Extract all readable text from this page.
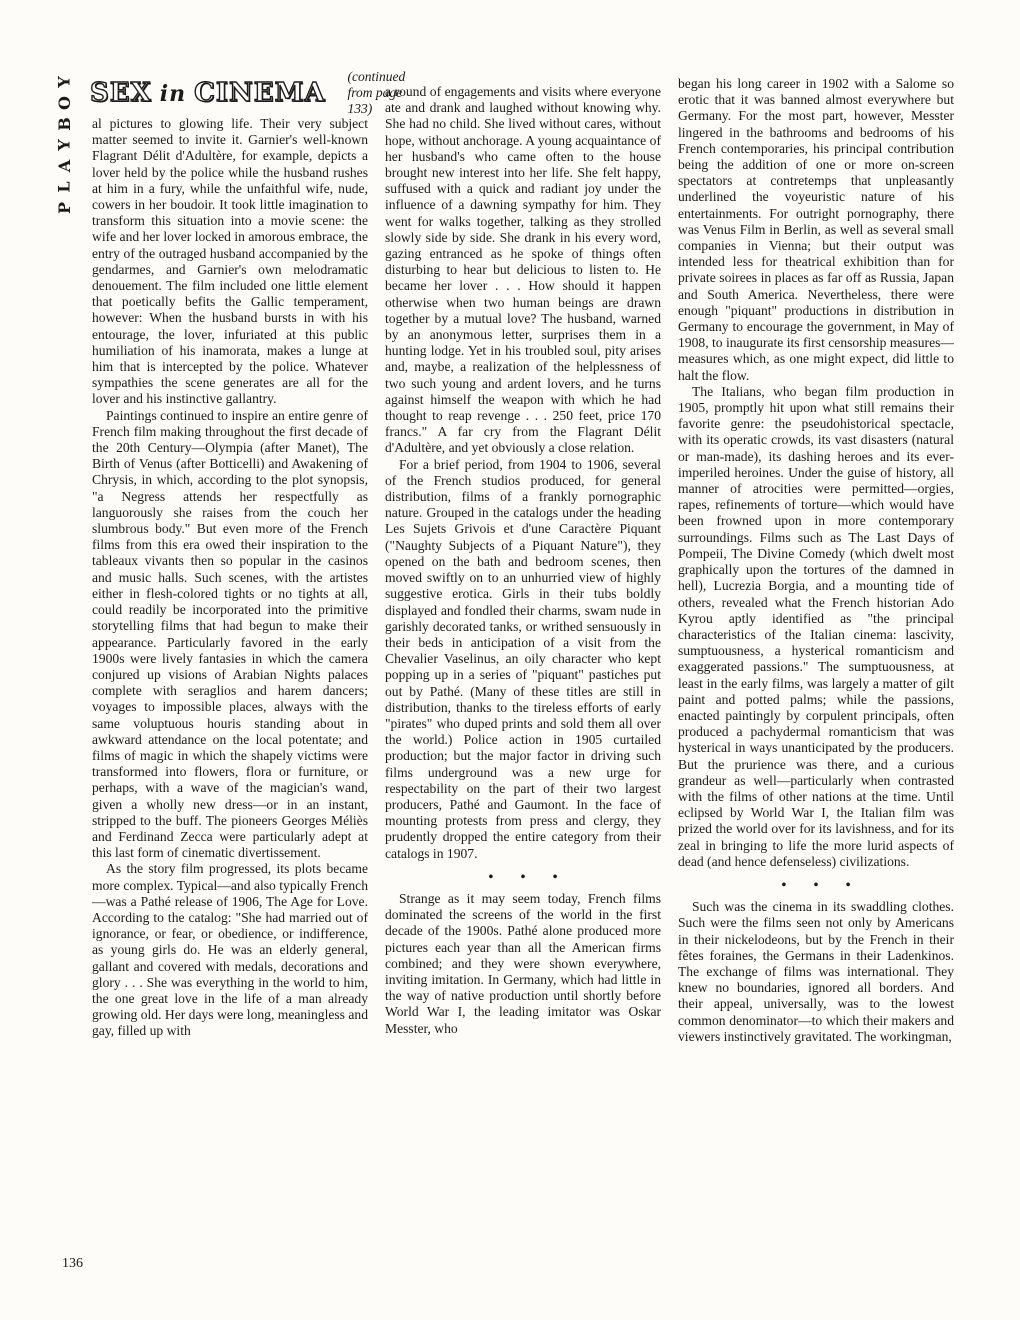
P
L
A
Y
B
O
Y SEX in CINEMA
(continued from page 133)

al pictures to glowing life. Their very subject matter seemed to invite it. Garnier's well-known Flagrant Délit d'Adultère, for example, depicts a lover held by the police while the husband rushes at him in a fury, while the unfaithful wife, nude, cowers in her boudoir. It took little imagination to transform this situation into a movie scene: the wife and her lover locked in amorous embrace, the entry of the outraged husband accompanied by the gendarmes, and Garnier's own melodramatic denouement. The film included one little element that poetically befits the Gallic temperament, however: When the husband bursts in with his entourage, the lover, infuriated at this public humiliation of his inamorata, makes a lunge at him that is intercepted by the police. Whatever sympathies the scene generates are all for the lover and his instinctive gallantry.

Paintings continued to inspire an entire genre of French film making throughout the first decade of the 20th Century—Olympia (after Manet), The Birth of Venus (after Botticelli) and Awakening of Chrysis, in which, according to the plot synopsis, "a Negress attends her respectfully as languorously she raises from the couch her slumbrous body." But even more of the French films from this era owed their inspiration to the tableaux vivants then so popular in the casinos and music halls. Such scenes, with the artistes either in flesh-colored tights or no tights at all, could readily be incorporated into the primitive storytelling films that had begun to make their appearance. Particularly favored in the early 1900s were lively fantasies in which the camera conjured up visions of Arabian Nights palaces complete with seraglios and harem dancers; voyages to impossible places, always with the same voluptuous houris standing about in awkward attendance on the local potentate; and films of magic in which the shapely victims were transformed into flowers, flora or furniture, or perhaps, with a wave of the magician's wand, given a wholly new dress—or in an instant, stripped to the buff. The pioneers Georges Méliès and Ferdinand Zecca were particularly adept at this last form of cinematic divertissement.

As the story film progressed, its plots became more complex. Typical—and also typically French—was a Pathé release of 1906, The Age for Love. According to the catalog: "She had married out of ignorance, or fear, or obedience, or indifference, as young girls do. He was an elderly general, gallant and covered with medals, decorations and glory . . . She was everything in the world to him, the one great love in the life of a man already growing old. Her days were long, meaningless and gay, filled up with

a round of engagements and visits where everyone ate and drank and laughed without knowing why. She had no child. She lived without cares, without hope, without anchorage. A young acquaintance of her husband's who came often to the house brought new interest into her life. She felt happy, suffused with a quick and radiant joy under the influence of a dawning sympathy for him. They went for walks together, talking as they strolled slowly side by side. She drank in his every word, gazing entranced as he spoke of things often disturbing to hear but delicious to listen to. He became her lover . . . How should it happen otherwise when two human beings are drawn together by a mutual love? The husband, warned by an anonymous letter, surprises them in a hunting lodge. Yet in his troubled soul, pity arises and, maybe, a realization of the helplessness of two such young and ardent lovers, and he turns against himself the weapon with which he had thought to reap revenge . . . 250 feet, price 170 francs." A far cry from the Flagrant Délit d'Adultère, and yet obviously a close relation.

For a brief period, from 1904 to 1906, several of the French studios produced, for general distribution, films of a frankly pornographic nature. Grouped in the catalogs under the heading Les Sujets Grivois et d'une Caractère Piquant ("Naughty Subjects of a Piquant Nature"), they opened on the bath and bedroom scenes, then moved swiftly on to an unhurried view of highly suggestive erotica. Girls in their tubs boldly displayed and fondled their charms, swam nude in garishly decorated tanks, or writhed sensuously in their beds in anticipation of a visit from the Chevalier Vaselinus, an oily character who kept popping up in a series of "piquant" pastiches put out by Pathé. (Many of these titles are still in distribution, thanks to the tireless efforts of early "pirates" who duped prints and sold them all over the world.) Police action in 1905 curtailed production; but the major factor in driving such films underground was a new urge for respectability on the part of their two largest producers, Pathé and Gaumont. In the face of mounting protests from press and clergy, they prudently dropped the entire category from their catalogs in 1907.

• • •

Strange as it may seem today, French films dominated the screens of the world in the first decade of the 1900s. Pathé alone produced more pictures each year than all the American firms combined; and they were shown everywhere, inviting imitation. In Germany, which had little in the way of native production until shortly before World War I, the leading imitator was Oskar Messter, who

began his long career in 1902 with a Salome so erotic that it was banned almost everywhere but Germany. For the most part, however, Messter lingered in the bathrooms and bedrooms of his French contemporaries, his principal contribution being the addition of one or more on-screen spectators at contretemps that unpleasantly underlined the voyeuristic nature of his entertainments. For outright pornography, there was Venus Film in Berlin, as well as several small companies in Vienna; but their output was intended less for theatrical exhibition than for private soirees in places as far off as Russia, Japan and South America. Nevertheless, there were enough "piquant" productions in distribution in Germany to encourage the government, in May of 1908, to inaugurate its first censorship measures—measures which, as one might expect, did little to halt the flow.

The Italians, who began film production in 1905, promptly hit upon what still remains their favorite genre: the pseudohistorical spectacle, with its operatic crowds, its vast disasters (natural or man-made), its dashing heroes and its ever-imperiled heroines. Under the guise of history, all manner of atrocities were permitted—orgies, rapes, refinements of torture—which would have been frowned upon in more contemporary surroundings. Films such as The Last Days of Pompeii, The Divine Comedy (which dwelt most graphically upon the tortures of the damned in hell), Lucrezia Borgia, and a mounting tide of others, revealed what the French historian Ado Kyrou aptly identified as "the principal characteristics of the Italian cinema: lascivity, sumptuousness, a hysterical romanticism and exaggerated passions." The sumptuousness, at least in the early films, was largely a matter of gilt paint and potted palms; while the passions, enacted paintingly by corpulent principals, often produced a pachydermal romanticism that was hysterical in ways unanticipated by the producers. But the prurience was there, and a curious grandeur as well—particularly when contrasted with the films of other nations at the time. Until eclipsed by World War I, the Italian film was prized the world over for its lavishness, and for its zeal in bringing to life the more lurid aspects of dead (and hence defenseless) civilizations.

• • •

Such was the cinema in its swaddling clothes. Such were the films seen not only by Americans in their nickelodeons, but by the French in their fêtes foraines, the Germans in their Ladenkinos. The exchange of films was international. They knew no boundaries, ignored all borders. And their appeal, universally, was to the lowest common denominator—to which their makers and viewers instinctively gravitated. The workingman,

136
